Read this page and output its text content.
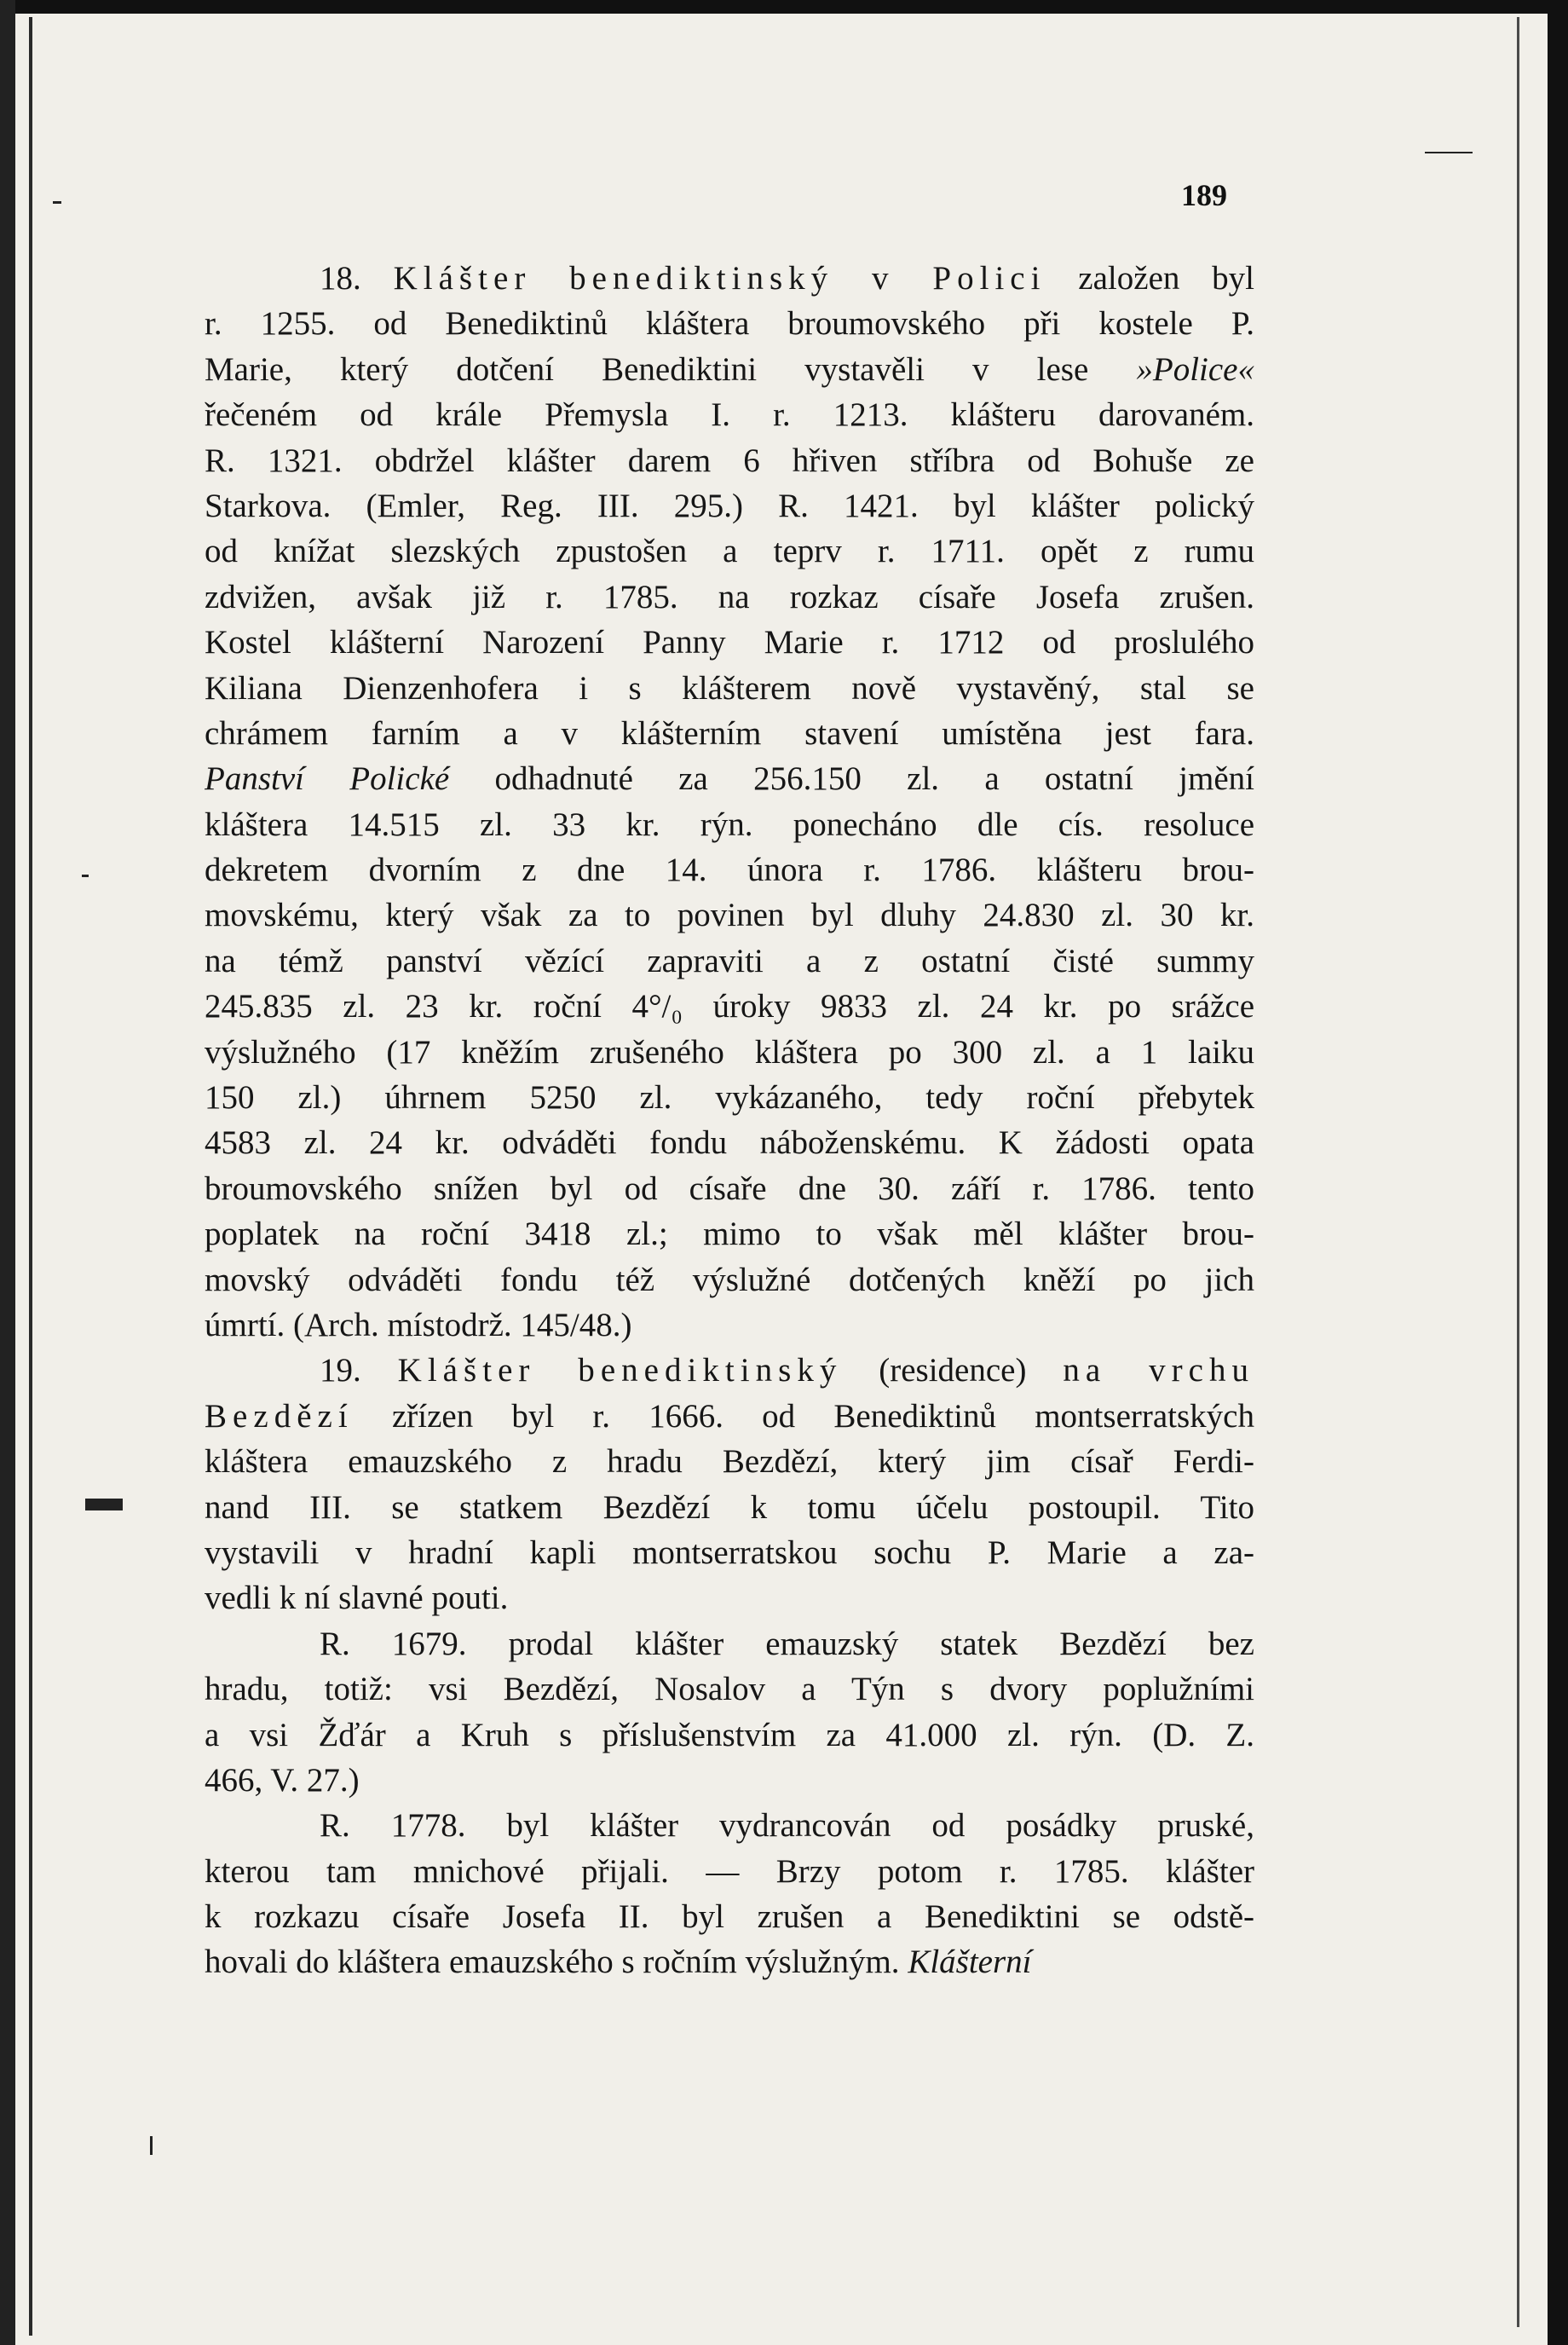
189
18. Klášter benediktinský v Polici založen byl
r. 1255. od Benediktinů kláštera broumovského při kostele P.
Marie, který dotčení Benediktini vystavěli v lese »Police«
řečeném od krále Přemysla I. r. 1213. klášteru darovaném.
R. 1321. obdržel klášter darem 6 hřiven stříbra od Bohuše ze
Starkova. (Emler, Reg. III. 295.) R. 1421. byl klášter polický
od knížat slezských zpustošen a teprv r. 1711. opět z rumu
zdvižen, avšak již r. 1785. na rozkaz císaře Josefa zrušen.
Kostel klášterní Narození Panny Marie r. 1712 od proslulého
Kiliana Dienzenhofera i s klášterem nově vystavěný, stal se
chrámem farním a v klášterním stavení umístěna jest fara.
Panství Polické odhadnuté za 256.150 zl. a ostatní jmění
kláštera 14.515 zl. 33 kr. rýn. ponecháno dle cís. resoluce
dekretem dvorním z dne 14. února r. 1786. klášteru brou-
movskému, který však za to povinen byl dluhy 24.830 zl. 30 kr.
na témž panství vězící zapraviti a z ostatní čisté summy
245.835 zl. 23 kr. roční 4°/₀ úroky 9833 zl. 24 kr. po srážce
výslužného (17 kněžím zrušeného kláštera po 300 zl. a 1 laiku
150 zl.) úhrnem 5250 zl. vykázaného, tedy roční přebytek
4583 zl. 24 kr. odváděti fondu náboženskému. K žádosti opata
broumovského snížen byl od císaře dne 30. září r. 1786. tento
poplatek na roční 3418 zl.; mimo to však měl klášter brou-
movský odváděti fondu též výslužné dotčených kněží po jich
úmrtí. (Arch. místodrž. 145/48.)
19. Klášter benediktinský (residence) na vrchu
Bezdězí zřízen byl r. 1666. od Benediktinů montserratských
kláštera emauzského z hradu Bezdězí, který jim císař Ferdi-
nand III. se statkem Bezdězí k tomu účelu postoupil. Tito
vystavili v hradní kapli montserratskou sochu P. Marie a za-
vedli k ní slavné pouti.
R. 1679. prodal klášter emauzský statek Bezdězí bez
hradu, totiž: vsi Bezdězí, Nosalov a Týn s dvory poplužními
a vsi Žďár a Kruh s příslušenstvím za 41.000 zl. rýn. (D. Z.
466, V. 27.)
R. 1778. byl klášter vydrancován od posádky pruské,
kterou tam mnichové přijali. — Brzy potom r. 1785. klášter
k rozkazu císaře Josefa II. byl zrušen a Benediktini se odstě-
hovali do kláštera emauzského s ročním výslužným. Klášterní
